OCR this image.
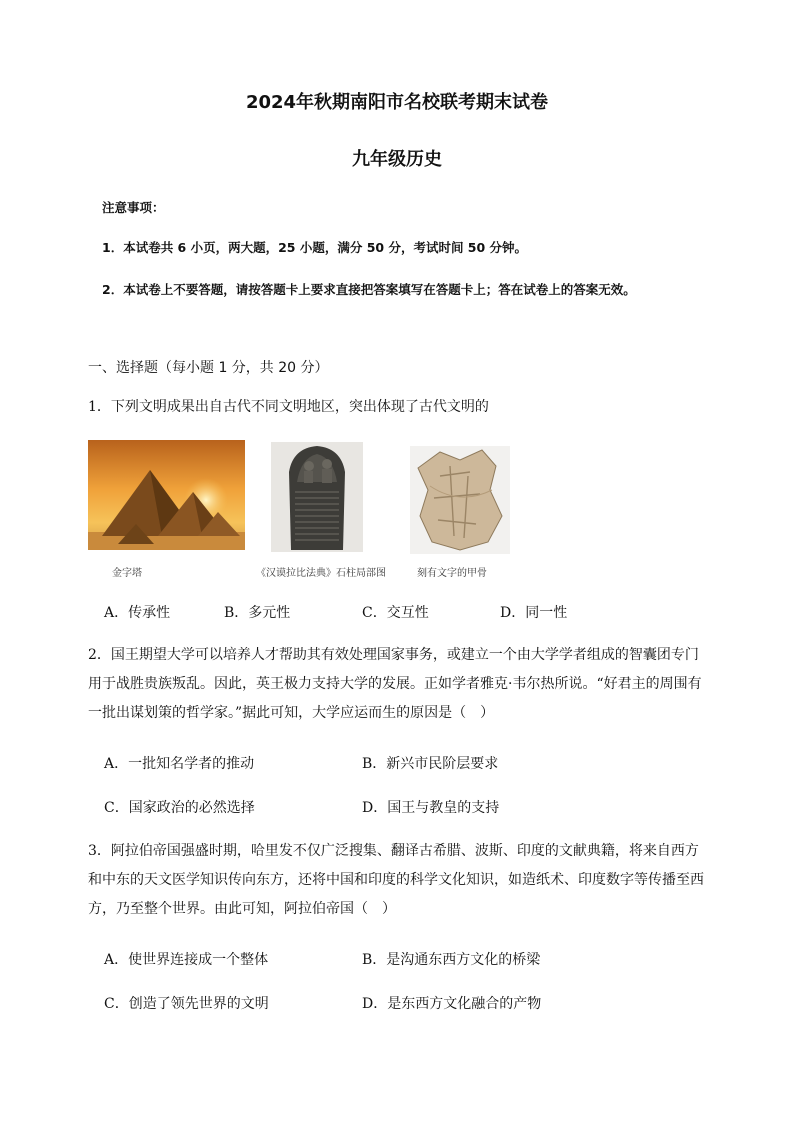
2024年秋期南阳市名校联考期末试卷
九年级历史
注意事项：
1．本试卷共 6 小页，两大题，25 小题，满分 50 分，考试时间 50 分钟。
2．本试卷上不要答题，请按答题卡上要求直接把答案填写在答题卡上；答在试卷上的答案无效。
一、选择题（每小题 1 分，共 20 分）
1．下列文明成果出自古代不同文明地区，突出体现了古代文明的
金字塔	《汉谟拉比法典》石柱局部图	刻有文字的甲骨
A．传承性	B．多元性	C．交互性	D．同一性
2．国王期望大学可以培养人才帮助其有效处理国家事务，或建立一个由大学学者组成的智囊团专门用于战胜贵族叛乱。因此，英王极力支持大学的发展。正如学者雅克·韦尔热所说。“好君主的周围有一批出谋划策的哲学家。”据此可知，大学应运而生的原因是（　）
A．一批知名学者的推动	B．新兴市民阶层要求
C．国家政治的必然选择	D．国王与教皇的支持
3．阿拉伯帝国强盛时期，哈里发不仅广泛搜集、翻译古希腊、波斯、印度的文献典籍，将来自西方和中东的天文医学知识传向东方，还将中国和印度的科学文化知识，如造纸术、印度数字等传播至西方，乃至整个世界。由此可知，阿拉伯帝国（　）
A．使世界连接成一个整体	B．是沟通东西方文化的桥梁
C．创造了领先世界的文明	D．是东西方文化融合的产物
